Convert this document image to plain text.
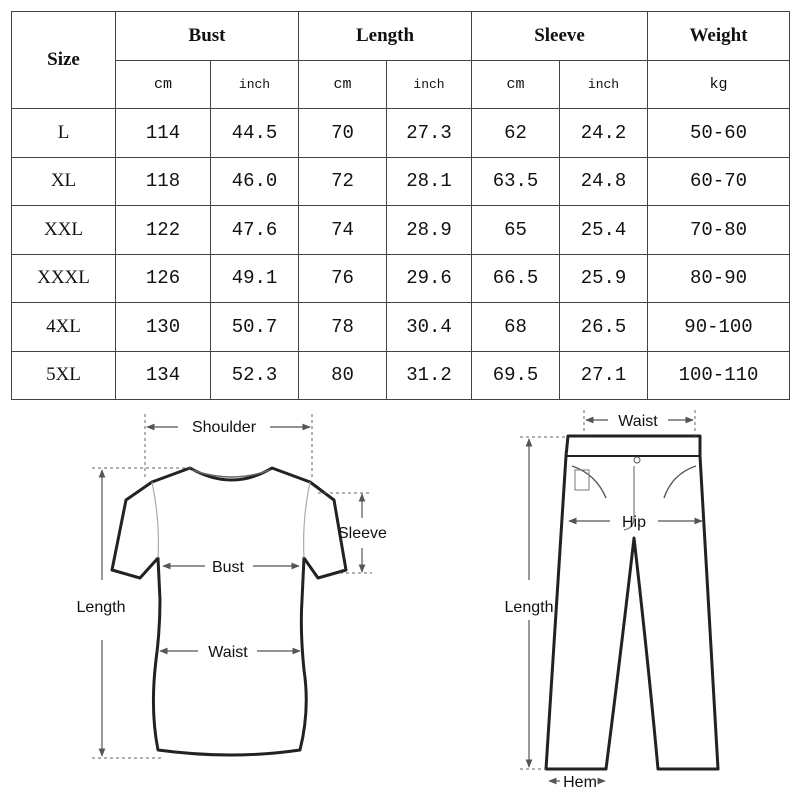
Size	Bust		Length		Sleeve		Weight
	cm	inch	cm	inch	cm	inch	kg
L	114	44.5	70	27.3	62	24.2	50-60
XL	118	46.0	72	28.1	63.5	24.8	60-70
XXL	122	47.6	74	28.9	65	25.4	70-80
XXXL	126	49.1	76	29.6	66.5	25.9	80-90
4XL	130	50.7	78	30.4	68	26.5	90-100
5XL	134	52.3	80	31.2	69.5	27.1	100-110
Shoulder
Sleeve
Bust
Waist
Length
Waist
Hip
Length
Hem
